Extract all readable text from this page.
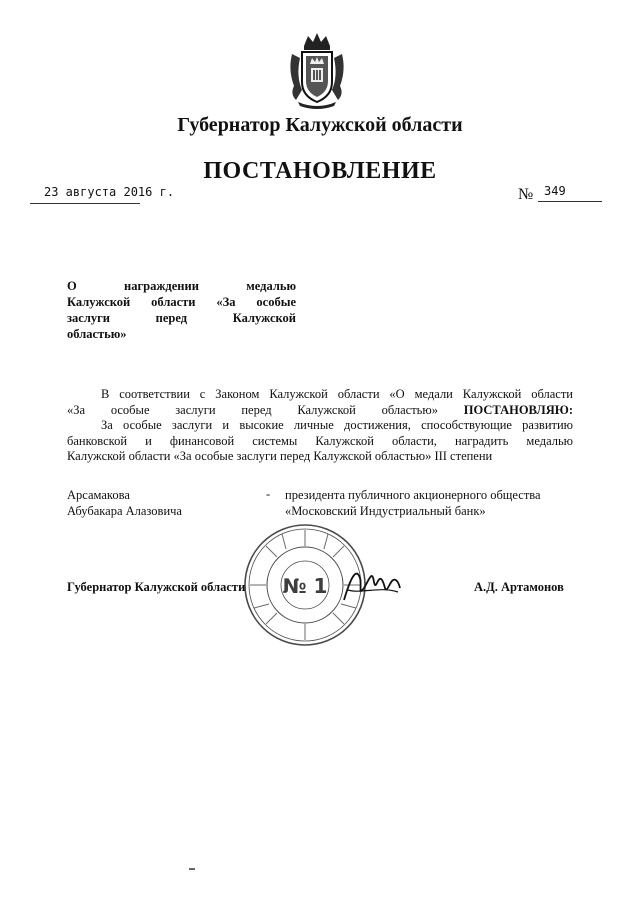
Губернатор Калужской области
ПОСТАНОВЛЕНИЕ
23 августа 2016 г.	№ 349
О награждении медалью
Калужской области «За особые
заслуги перед Калужской
областью»
В соответствии с Законом Калужской области «О медали Калужской области
«За особые заслуги перед Калужской областью» ПОСТАНОВЛЯЮ:
За особые заслуги и высокие личные достижения, способствующие развитию
банковской и финансовой системы Калужской области, наградить медалью
Калужской области «За особые заслуги перед Калужской областью» III степени
Арсамакова
Абубакара Алазовича
- президента публичного акционерного общества
«Московский Индустриальный банк»
Губернатор Калужской области	А.Д. Артамонов
№ 1
